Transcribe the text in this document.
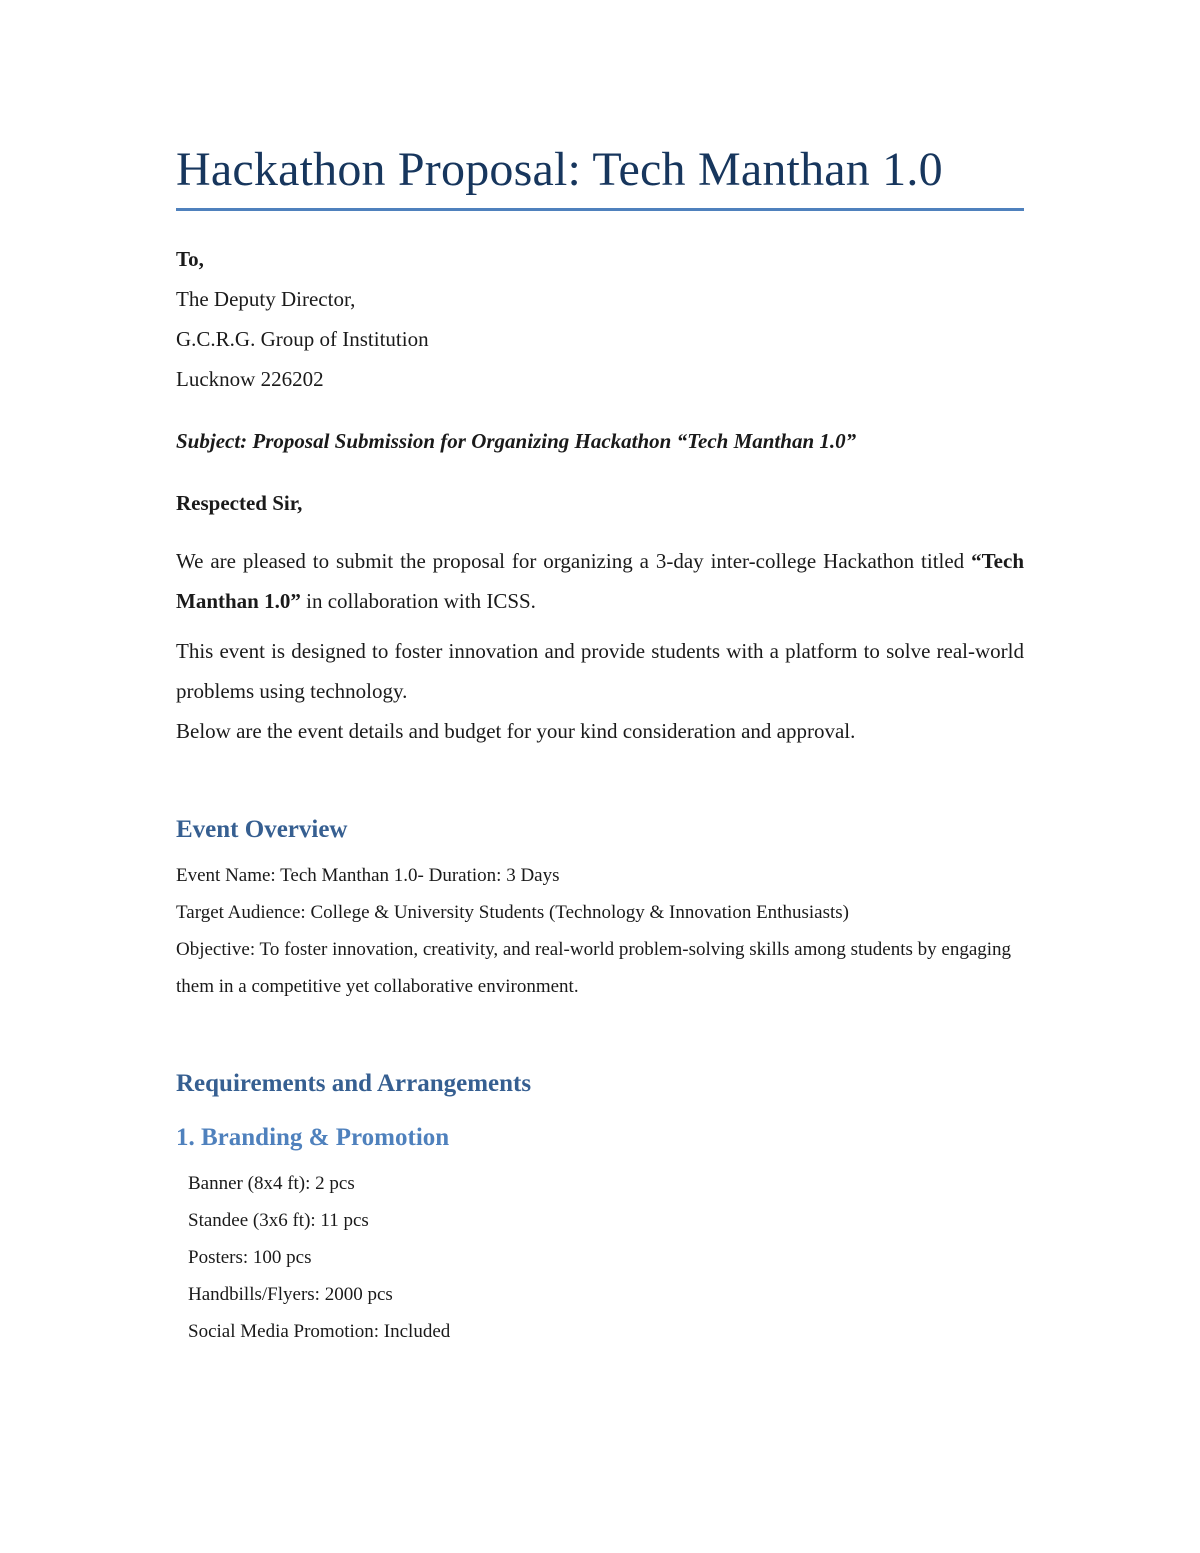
Hackathon Proposal: Tech Manthan 1.0
To,
The Deputy Director,
G.C.R.G. Group of Institution
Lucknow 226202
Subject: Proposal Submission for Organizing Hackathon “Tech Manthan 1.0”
Respected Sir,
We are pleased to submit the proposal for organizing a 3-day inter-college Hackathon titled “Tech Manthan 1.0” in collaboration with ICSS.
This event is designed to foster innovation and provide students with a platform to solve real-world problems using technology.
Below are the event details and budget for your kind consideration and approval.
Event Overview
Event Name: Tech Manthan 1.0- Duration: 3 Days
Target Audience: College & University Students (Technology & Innovation Enthusiasts)
Objective: To foster innovation, creativity, and real-world problem-solving skills among students by engaging them in a competitive yet collaborative environment.
Requirements and Arrangements
1. Branding & Promotion
Banner (8x4 ft): 2 pcs
Standee (3x6 ft): 11 pcs
Posters: 100 pcs
Handbills/Flyers: 2000 pcs
Social Media Promotion: Included
